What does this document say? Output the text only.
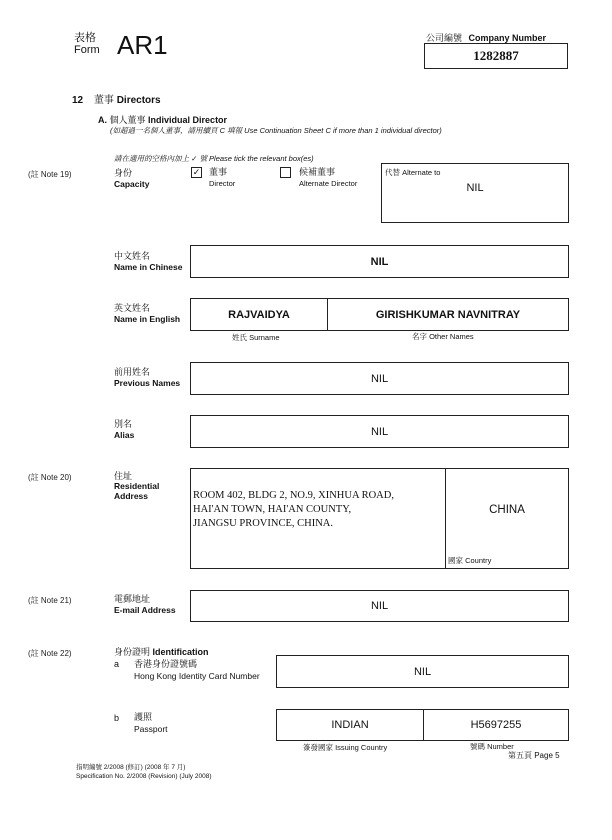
表格
Form AR1	公司編號 Company Number
1282887
12 董事 Directors
A. 個人董事 Individual Director
(如超過一名個人董事，請用續頁 C 填報 Use Continuation Sheet C if more than 1 individual director)
請在適用的空格內加上 ✓ 號 Please tick the relevant box(es)
(註 Note 19)	身份
Capacity
✓ 董事
Director
候補董事
Alternate Director
代替 Alternate to
NIL
中文姓名
Name in Chinese	NIL
英文姓名
Name in English	RAJVAIDYA	GIRISHKUMAR NAVNITRAY
姓氏 Surname	名字 Other Names
前用姓名
Previous Names	NIL
別名
Alias	NIL
(註 Note 20)	住址
Residential
Address	ROOM 402, BLDG 2, NO.9, XINHUA ROAD,
HAI'AN TOWN, HAI'AN COUNTY,
JIANGSU PROVINCE, CHINA.
CHINA
國家 Country
(註 Note 21)	電郵地址
E-mail Address	NIL
(註 Note 22)	身份證明 Identification
a 香港身份證號碼
Hong Kong Identity Card Number	NIL
b 護照
Passport	INDIAN	H5697255
簽發國家 Issuing Country	號碼 Number
第五頁 Page 5
指明編號 2/2008 (修訂) (2008 年 7 月)
Specification No. 2/2008 (Revision) (July 2008)
